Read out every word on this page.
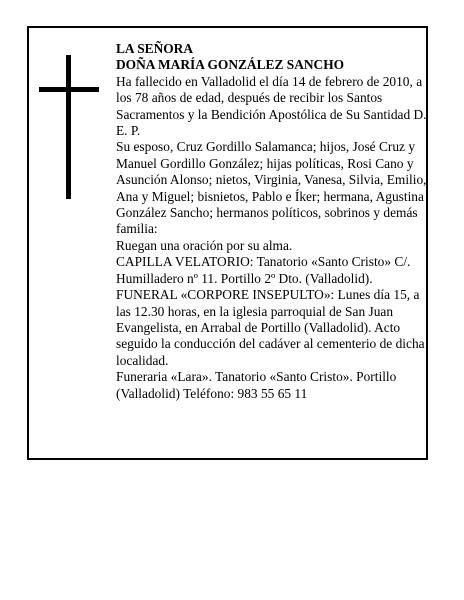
LA SEÑORA

DOÑA MARÍA GONZÁLEZ SANCHO

Ha fallecido en Valladolid el día 14 de febrero de 2010, a los 78 años de edad, después de recibir los Santos Sacramentos y la Bendición Apostólica de Su Santidad D. E. P.

Su esposo, Cruz Gordillo Salamanca; hijos, José Cruz y Manuel Gordillo González; hijas políticas, Rosi Cano y Asunción Alonso; nietos, Virginia, Vanesa, Silvia, Emilio, Ana y Miguel; bisnietos, Pablo e Íker; hermana, Agustina González Sancho; hermanos políticos, sobrinos y demás familia:

Ruegan una oración por su alma.

CAPILLA VELATORIO: Tanatorio «Santo Cristo» C/. Humilladero nº 11. Portillo 2º Dto. (Valladolid).

FUNERAL «CORPORE INSEPULTO»: Lunes día 15, a las 12.30 horas, en la iglesia parroquial de San Juan Evangelista, en Arrabal de Portillo (Valladolid). Acto seguido la conducción del cadáver al cementerio de dicha localidad.

Funeraria «Lara». Tanatorio «Santo Cristo». Portillo (Valladolid) Teléfono: 983 55 65 11
